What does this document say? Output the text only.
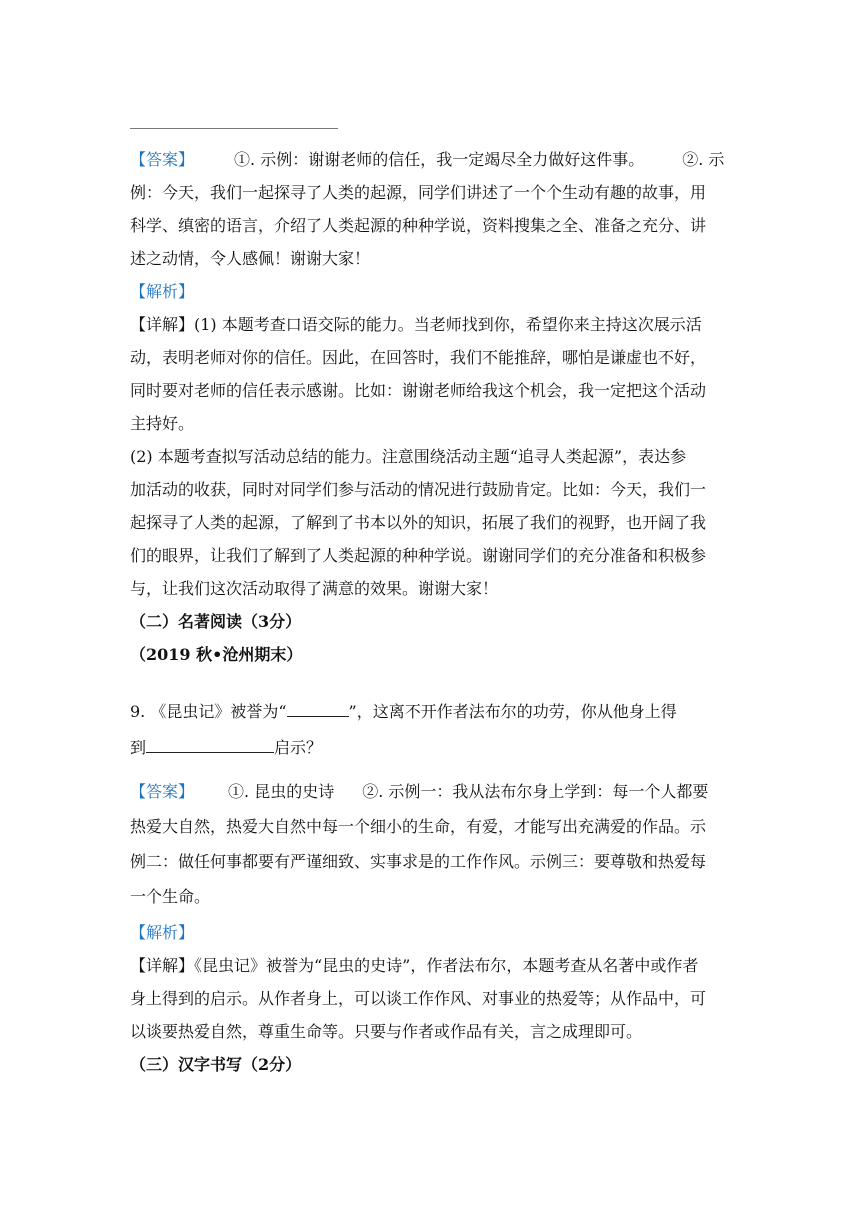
【答案】	①. 示例：谢谢老师的信任，我一定竭尽全力做好这件事。 ②. 示
例：今天，我们一起探寻了人类的起源，同学们讲述了一个个生动有趣的故事，用
科学、缜密的语言，介绍了人类起源的种种学说，资料搜集之全、准备之充分、讲
述之动情，令人感佩！谢谢大家！
【解析】
【详解】(1) 本题考查口语交际的能力。当老师找到你，希望你来主持这次展示活
动，表明老师对你的信任。因此，在回答时，我们不能推辞，哪怕是谦虚也不好，
同时要对老师的信任表示感谢。比如：谢谢老师给我这个机会，我一定把这个活动
主持好。
(2) 本题考查拟写活动总结的能力。注意围绕活动主题“追寻人类起源”，表达参
加活动的收获，同时对同学们参与活动的情况进行鼓励肯定。比如：今天，我们一
起探寻了人类的起源，了解到了书本以外的知识，拓展了我们的视野，也开阔了我
们的眼界，让我们了解到了人类起源的种种学说。谢谢同学们的充分准备和积极参
与，让我们这次活动取得了满意的效果。谢谢大家！
（二）名著阅读（3分）
（2019 秋•沧州期末）
9. 《昆虫记》被誉为“	”，这离不开作者法布尔的功劳，你从他身上得
到	启示？
【答案】 ①. 昆虫的史诗 ②. 示例一：我从法布尔身上学到：每一个人都要
热爱大自然，热爱大自然中每一个细小的生命，有爱，才能写出充满爱的作品。示
例二：做任何事都要有严谨细致、实事求是的工作作风。示例三：要尊敬和热爱每
一个生命。
【解析】
【详解】《昆虫记》被誉为“昆虫的史诗”，作者法布尔，本题考查从名著中或作者
身上得到的启示。从作者身上，可以谈工作作风、对事业的热爱等；从作品中，可
以谈要热爱自然，尊重生命等。只要与作者或作品有关，言之成理即可。
（三）汉字书写（2分）
